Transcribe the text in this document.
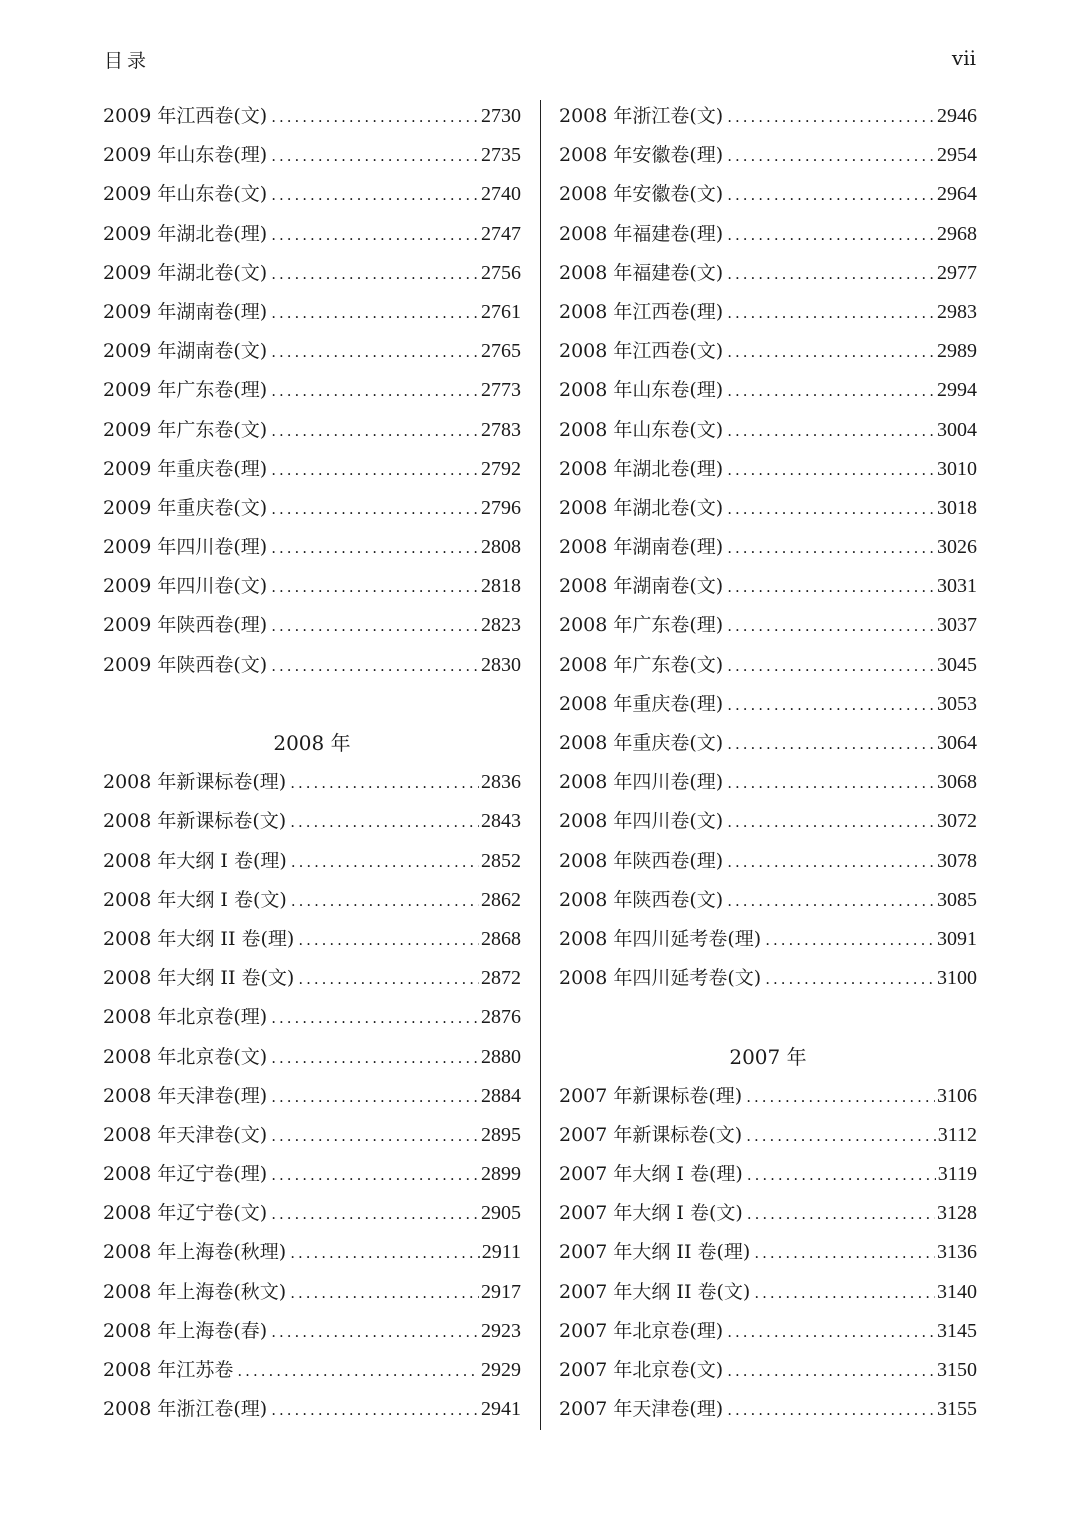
目录	vii
2009 年江西卷(文) .....	2730
2009 年山东卷(理) .....	2735
2009 年山东卷(文) .....	2740
2009 年湖北卷(理) .....	2747
2009 年湖北卷(文) .....	2756
2009 年湖南卷(理) .....	2761
2009 年湖南卷(文) .....	2765
2009 年广东卷(理) .....	2773
2009 年广东卷(文) .....	2783
2009 年重庆卷(理) .....	2792
2009 年重庆卷(文) .....	2796
2009 年四川卷(理) .....	2808
2009 年四川卷(文) .....	2818
2009 年陕西卷(理) .....	2823
2009 年陕西卷(文) .....	2830
2008 年
2008 年新课标卷(理) .....	2836
2008 年新课标卷(文) .....	2843
2008 年大纲 I 卷(理) .....	2852
2008 年大纲 I 卷(文) .....	2862
2008 年大纲 II 卷(理) .....	2868
2008 年大纲 II 卷(文) .....	2872
2008 年北京卷(理) .....	2876
2008 年北京卷(文) .....	2880
2008 年天津卷(理) .....	2884
2008 年天津卷(文) .....	2895
2008 年辽宁卷(理) .....	2899
2008 年辽宁卷(文) .....	2905
2008 年上海卷(秋理) .....	2911
2008 年上海卷(秋文) .....	2917
2008 年上海卷(春) .....	2923
2008 年江苏卷 .....	2929
2008 年浙江卷(理) .....	2941
2008 年浙江卷(文) .....	2946
2008 年安徽卷(理) .....	2954
2008 年安徽卷(文) .....	2964
2008 年福建卷(理) .....	2968
2008 年福建卷(文) .....	2977
2008 年江西卷(理) .....	2983
2008 年江西卷(文) .....	2989
2008 年山东卷(理) .....	2994
2008 年山东卷(文) .....	3004
2008 年湖北卷(理) .....	3010
2008 年湖北卷(文) .....	3018
2008 年湖南卷(理) .....	3026
2008 年湖南卷(文) .....	3031
2008 年广东卷(理) .....	3037
2008 年广东卷(文) .....	3045
2008 年重庆卷(理) .....	3053
2008 年重庆卷(文) .....	3064
2008 年四川卷(理) .....	3068
2008 年四川卷(文) .....	3072
2008 年陕西卷(理) .....	3078
2008 年陕西卷(文) .....	3085
2008 年四川延考卷(理) .....	3091
2008 年四川延考卷(文) .....	3100
2007 年
2007 年新课标卷(理) .....	3106
2007 年新课标卷(文) .....	3112
2007 年大纲 I 卷(理) .....	3119
2007 年大纲 I 卷(文) .....	3128
2007 年大纲 II 卷(理) .....	3136
2007 年大纲 II 卷(文) .....	3140
2007 年北京卷(理) .....	3145
2007 年北京卷(文) .....	3150
2007 年天津卷(理) .....	3155
